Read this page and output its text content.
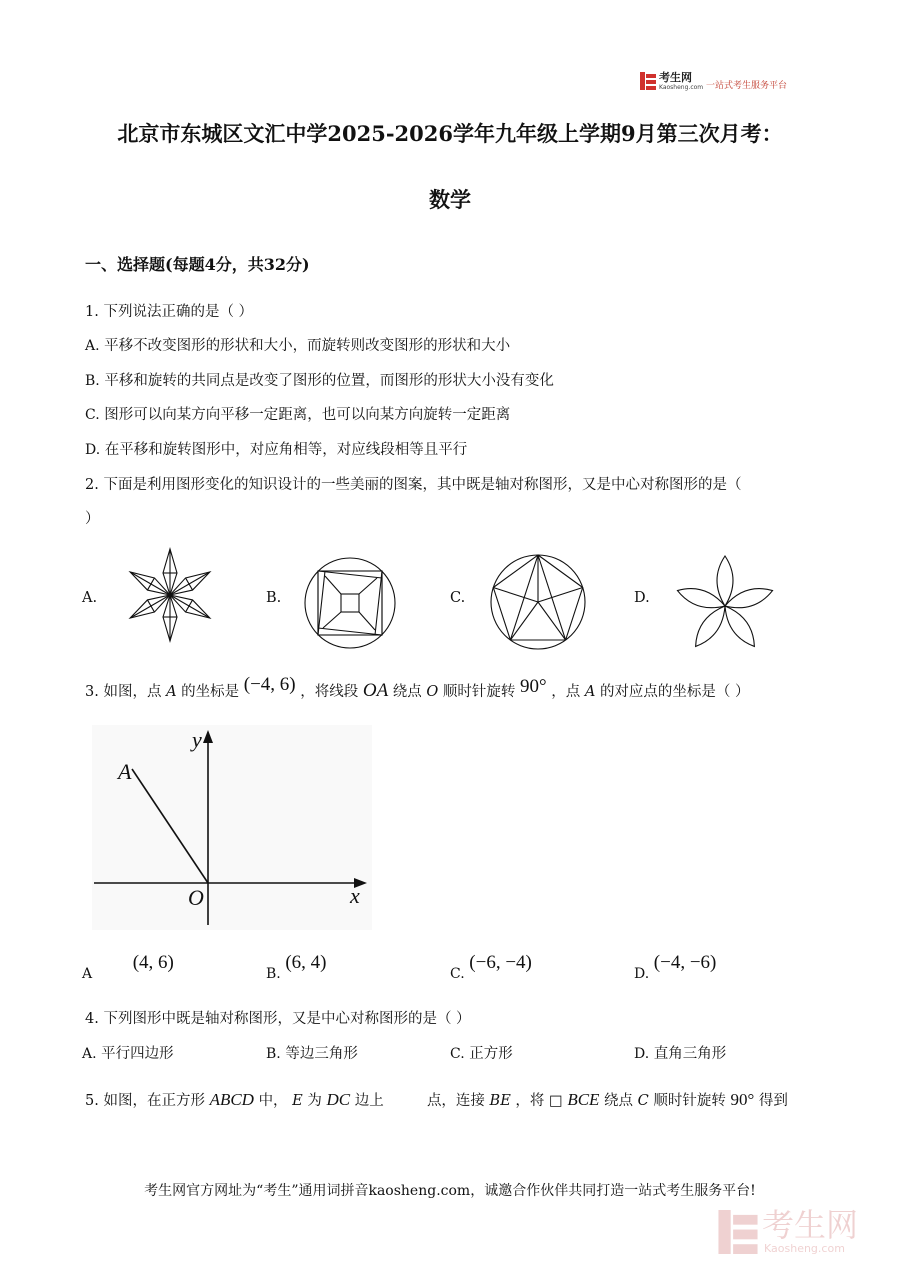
考生网
Kaosheng.com 一站式考生服务平台
北京市东城区文汇中学2025-2026学年九年级上学期9月第三次月考：
数学
一、选择题(每题4分，共32分)
1. 下列说法正确的是（ ）
A. 平移不改变图形的形状和大小，而旋转则改变图形的形状和大小
B. 平移和旋转的共同点是改变了图形的位置，而图形的形状大小没有变化
C. 图形可以向某方向平移一定距离，也可以向某方向旋转一定距离
D. 在平移和旋转图形中，对应角相等，对应线段相等且平行
2. 下面是利用图形变化的知识设计的一些美丽的图案，其中既是轴对称图形，又是中心对称图形的是（
）
A.	B.	C.	D.
3. 如图，点 A 的坐标是 (−4, 6) ，将线段 OA 绕点 O 顺时针旋转 90° ，点 A 的对应点的坐标是（ ）
y
x
A
O
A (4, 6)
B. (6, 4)
C. (−6, −4)
D. (−4, −6)
4. 下列图形中既是轴对称图形，又是中心对称图形的是（ ）
A. 平行四边形	B. 等边三角形	C. 正方形	D. 直角三角形
5. 如图，在正方形 ABCD 中， E 为 DC 边上	点，连接 BE ，将 □ BCE 绕点 C 顺时针旋转 90° 得到
考生网官方网址为“考生”通用词拼音kaosheng.com，诚邀合作伙伴共同打造一站式考生服务平台!
考生网
Kaosheng.com
